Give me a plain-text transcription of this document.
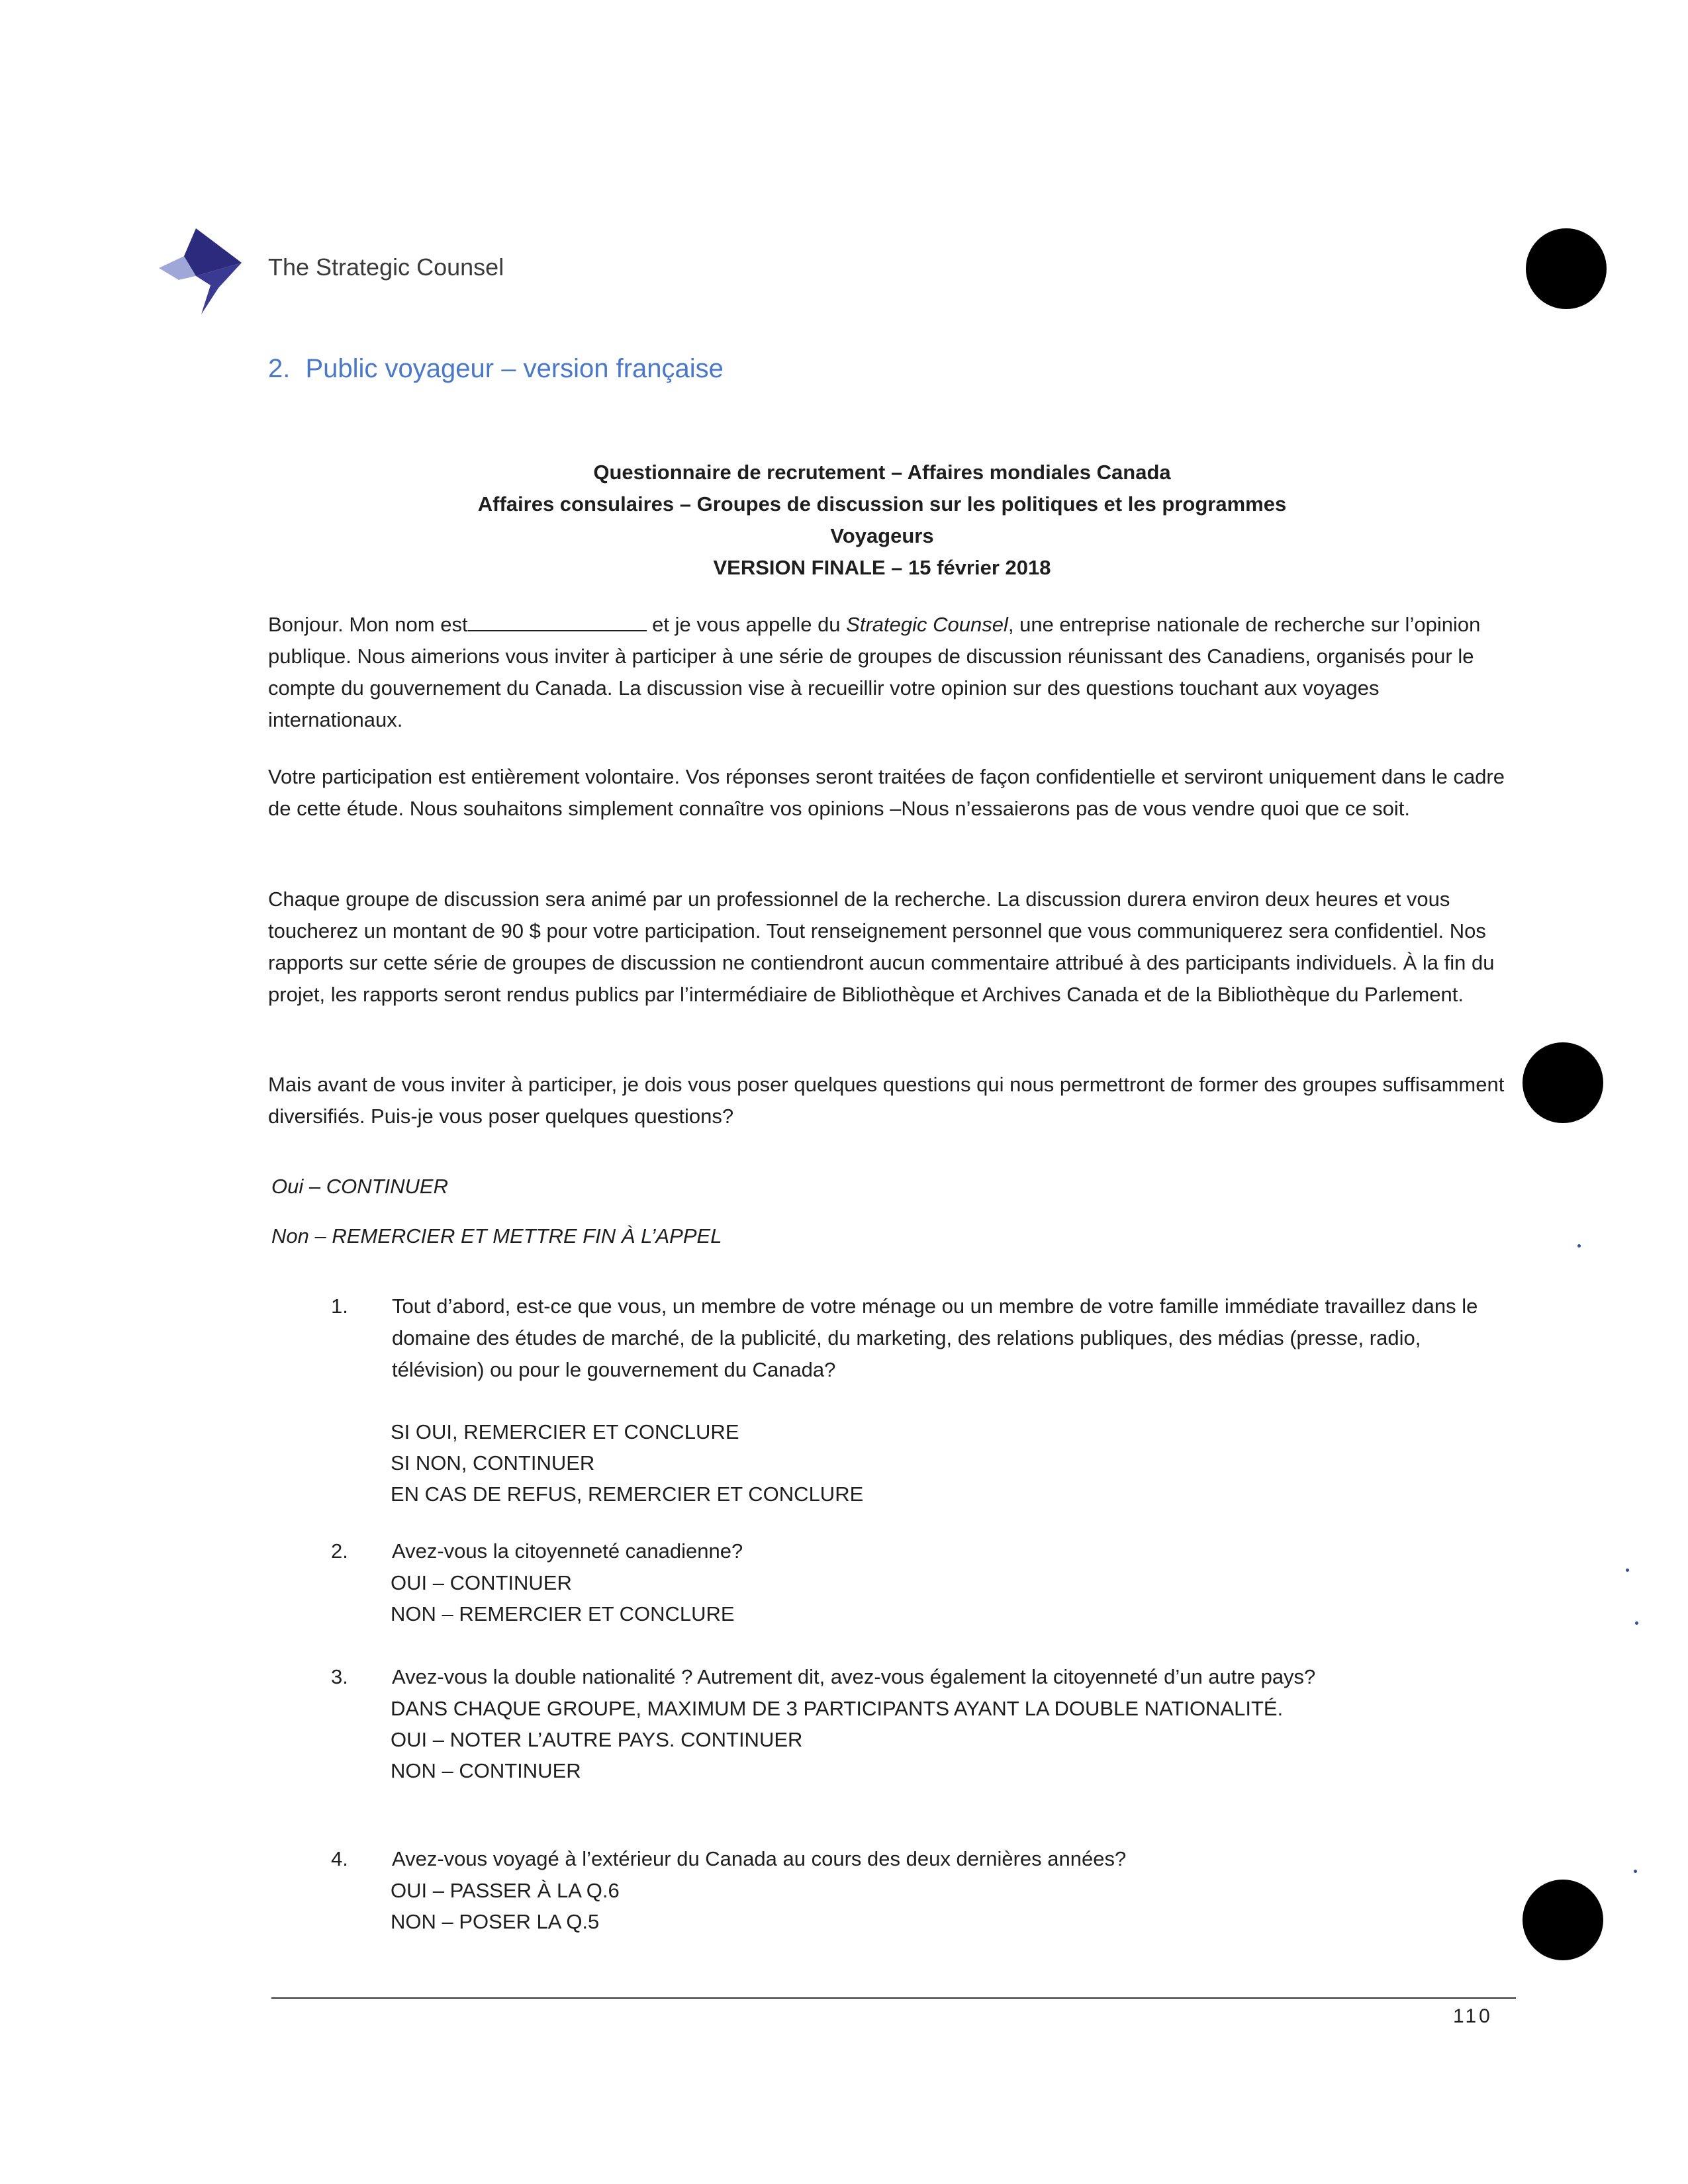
The Strategic Counsel
2. Public voyageur – version française
Questionnaire de recrutement – Affaires mondiales Canada
Affaires consulaires – Groupes de discussion sur les politiques et les programmes
Voyageurs
VERSION FINALE – 15 février 2018
Bonjour. Mon nom est	et je vous appelle du Strategic Counsel, une entreprise nationale de recherche sur l’opinion publique. Nous aimerions vous inviter à participer à une série de groupes de discussion réunissant des Canadiens, organisés pour le compte du gouvernement du Canada. La discussion vise à recueillir votre opinion sur des questions touchant aux voyages internationaux.
Votre participation est entièrement volontaire. Vos réponses seront traitées de façon confidentielle et serviront uniquement dans le cadre de cette étude. Nous souhaitons simplement connaître vos opinions –Nous n’essaierons pas de vous vendre quoi que ce soit.
Chaque groupe de discussion sera animé par un professionnel de la recherche. La discussion durera environ deux heures et vous toucherez un montant de 90 $ pour votre participation. Tout renseignement personnel que vous communiquerez sera confidentiel. Nos rapports sur cette série de groupes de discussion ne contiendront aucun commentaire attribué à des participants individuels. À la fin du projet, les rapports seront rendus publics par l’intermédiaire de Bibliothèque et Archives Canada et de la Bibliothèque du Parlement.
Mais avant de vous inviter à participer, je dois vous poser quelques questions qui nous permettront de former des groupes suffisamment diversifiés. Puis-je vous poser quelques questions?
Oui – CONTINUER
Non – REMERCIER ET METTRE FIN À L’APPEL
1.	Tout d’abord, est-ce que vous, un membre de votre ménage ou un membre de votre famille immédiate travaillez dans le domaine des études de marché, de la publicité, du marketing, des relations publiques, des médias (presse, radio, télévision) ou pour le gouvernement du Canada?
SI OUI, REMERCIER ET CONCLURE
SI NON, CONTINUER
EN CAS DE REFUS, REMERCIER ET CONCLURE
2.	Avez-vous la citoyenneté canadienne?
OUI – CONTINUER
NON – REMERCIER ET CONCLURE
3.	Avez-vous la double nationalité ? Autrement dit, avez-vous également la citoyenneté d’un autre pays?
DANS CHAQUE GROUPE, MAXIMUM DE 3 PARTICIPANTS AYANT LA DOUBLE NATIONALITÉ.
OUI – NOTER L’AUTRE PAYS. CONTINUER
NON – CONTINUER
4.	Avez-vous voyagé à l’extérieur du Canada au cours des deux dernières années?
OUI – PASSER À LA Q.6
NON – POSER LA Q.5
110
